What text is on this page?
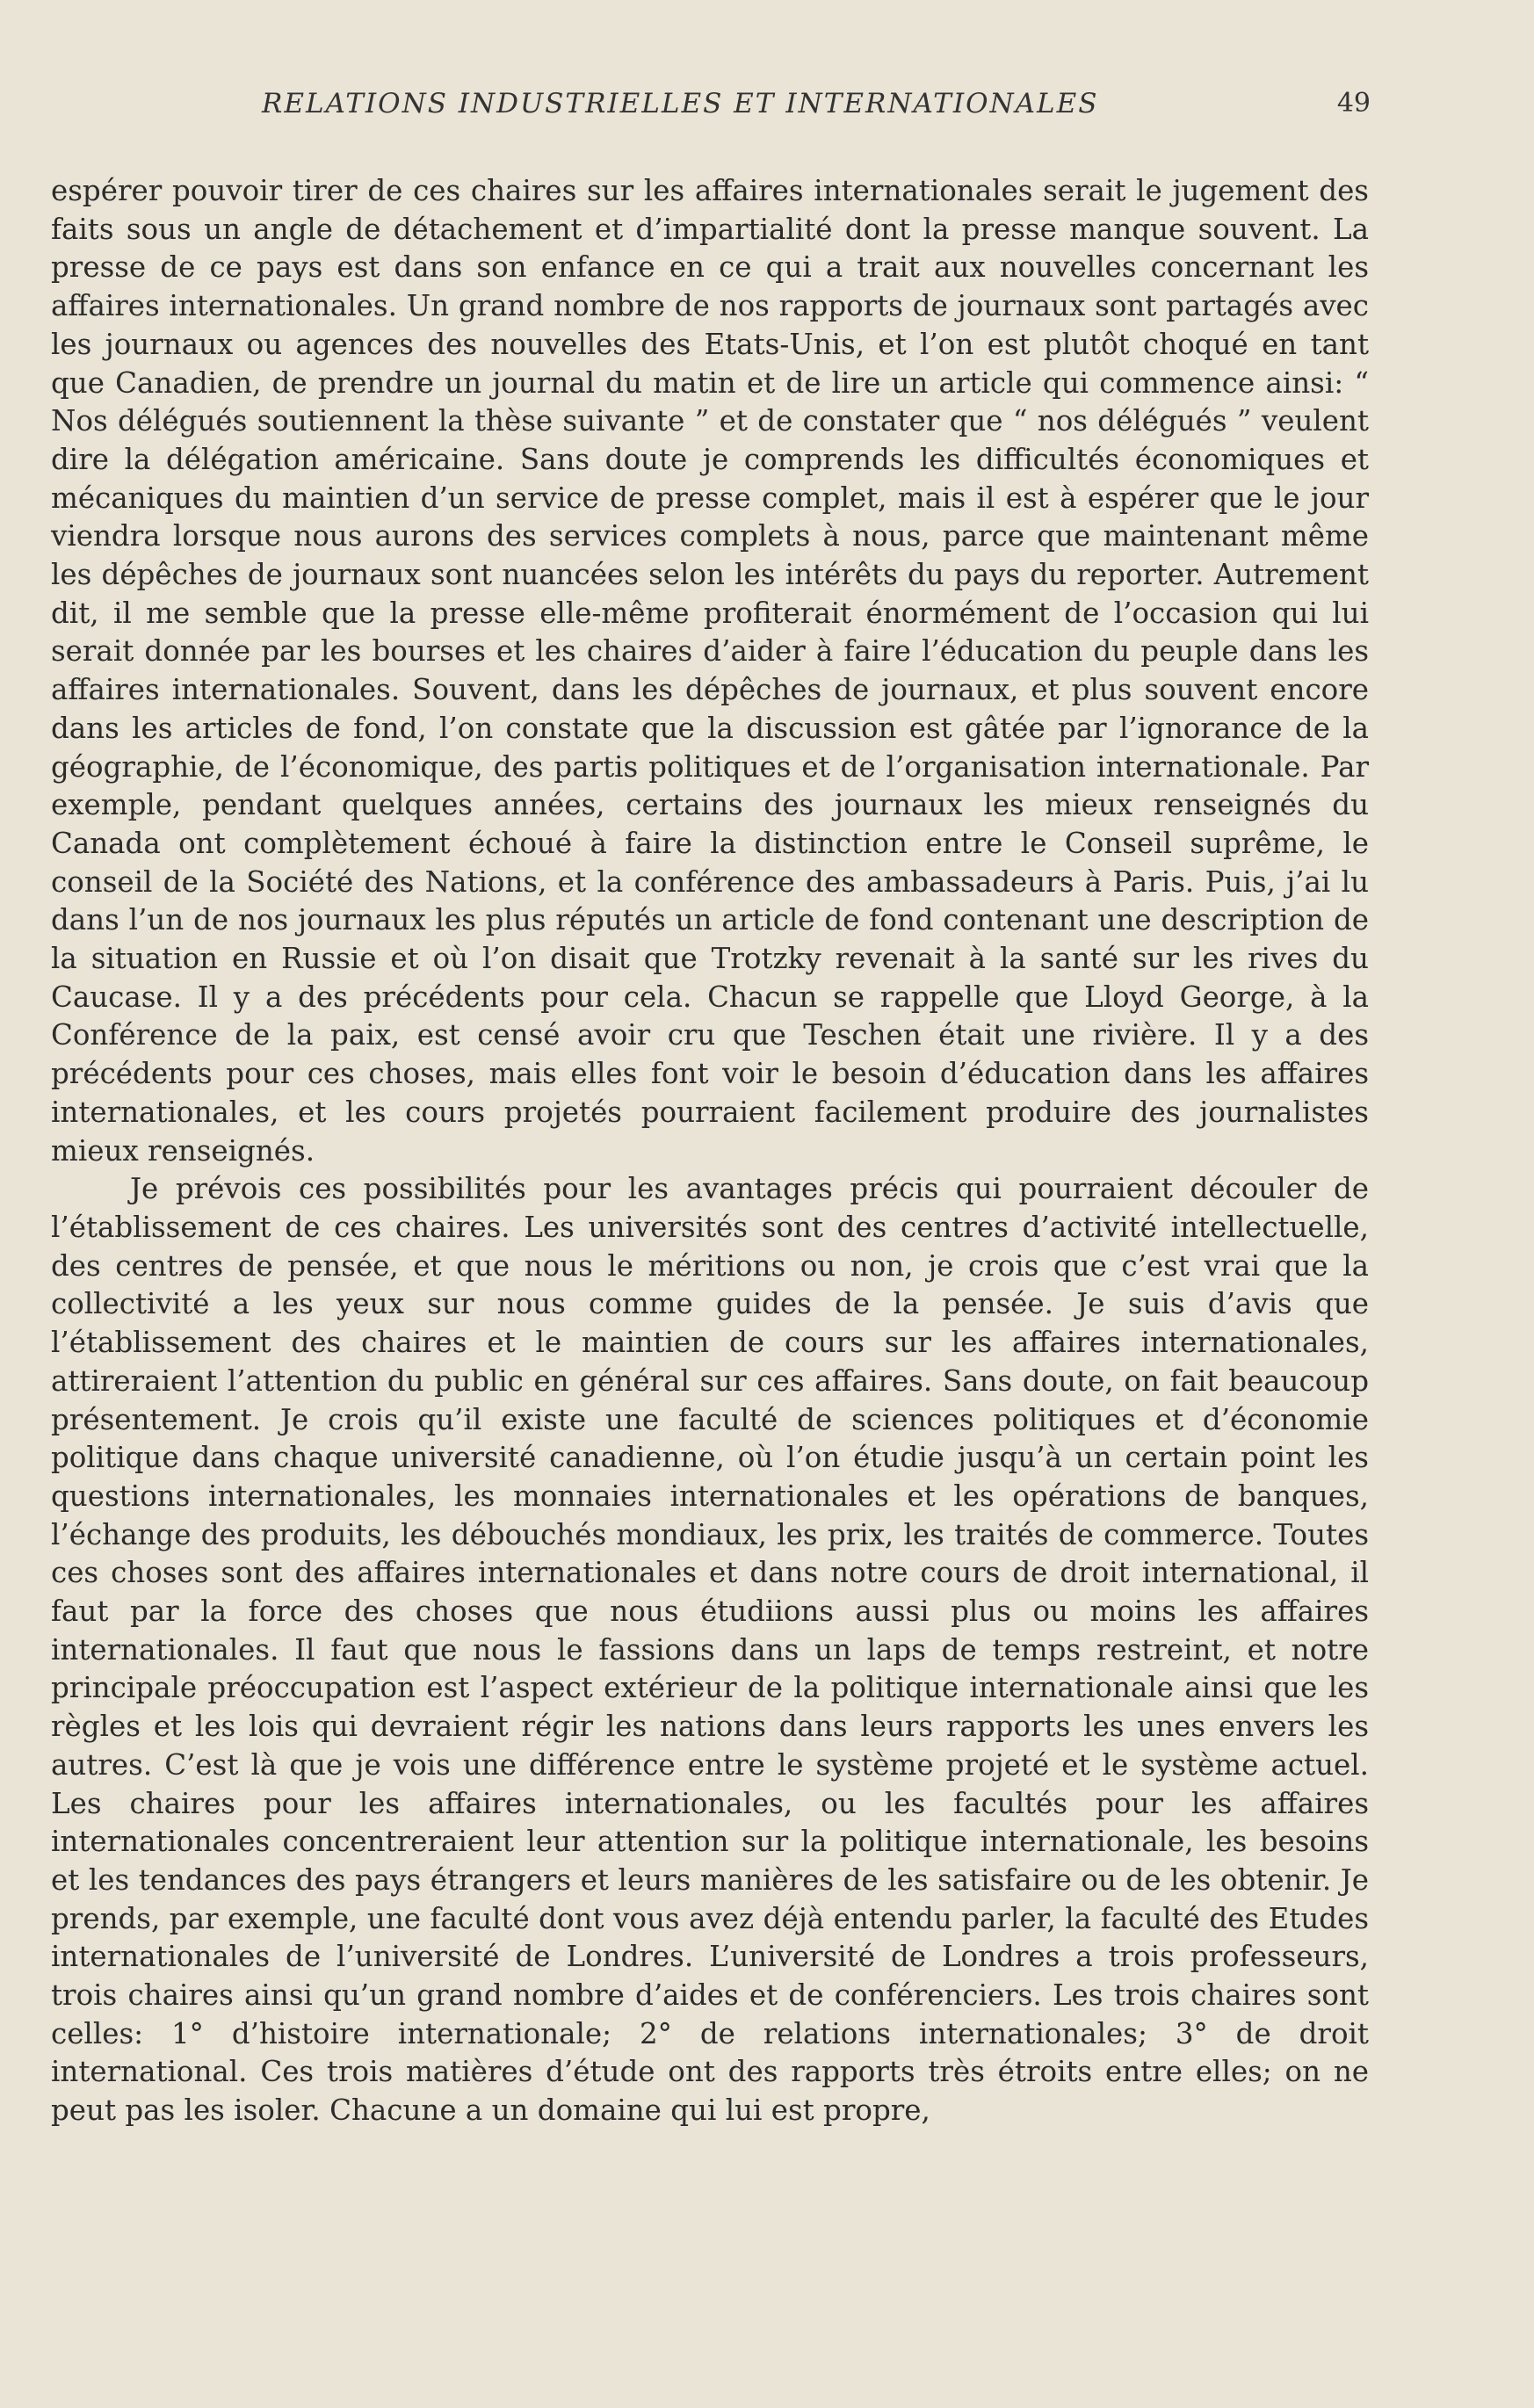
RELATIONS INDUSTRIELLES ET INTERNATIONALES	49

espérer pouvoir tirer de ces chaires sur les affaires internationales serait le jugement des faits sous un angle de détachement et d’impartialité dont la presse manque souvent. La presse de ce pays est dans son enfance en ce qui a trait aux nouvelles concernant les affaires internationales. Un grand nombre de nos rapports de journaux sont partagés avec les journaux ou agences des nouvelles des Etats-Unis, et l’on est plutôt choqué en tant que Canadien, de prendre un journal du matin et de lire un article qui commence ainsi: “ Nos délégués soutiennent la thèse suivante ” et de constater que “ nos délégués ” veulent dire la délégation américaine. Sans doute je comprends les difficultés économiques et mécaniques du maintien d’un service de presse complet, mais il est à espérer que le jour viendra lorsque nous aurons des services complets à nous, parce que maintenant même les dépêches de journaux sont nuancées selon les intérêts du pays du reporter. Autrement dit, il me semble que la presse elle-même profiterait énormément de l’occasion qui lui serait donnée par les bourses et les chaires d’aider à faire l’éducation du peuple dans les affaires internationales. Souvent, dans les dépêches de journaux, et plus souvent encore dans les articles de fond, l’on constate que la discussion est gâtée par l’ignorance de la géographie, de l’économique, des partis politiques et de l’organisation internationale. Par exemple, pendant quelques années, certains des journaux les mieux renseignés du Canada ont complètement échoué à faire la distinction entre le Conseil suprême, le conseil de la Société des Nations, et la conférence des ambassadeurs à Paris. Puis, j’ai lu dans l’un de nos journaux les plus réputés un article de fond contenant une description de la situation en Russie et où l’on disait que Trotzky revenait à la santé sur les rives du Caucase. Il y a des précédents pour cela. Chacun se rappelle que Lloyd George, à la Conférence de la paix, est censé avoir cru que Teschen était une rivière. Il y a des précédents pour ces choses, mais elles font voir le besoin d’éducation dans les affaires internationales, et les cours projetés pourraient facilement produire des journalistes mieux renseignés.

Je prévois ces possibilités pour les avantages précis qui pourraient découler de l’établissement de ces chaires. Les universités sont des centres d’activité intellectuelle, des centres de pensée, et que nous le méritions ou non, je crois que c’est vrai que la collectivité a les yeux sur nous comme guides de la pensée. Je suis d’avis que l’établissement des chaires et le maintien de cours sur les affaires internationales, attireraient l’attention du public en général sur ces affaires. Sans doute, on fait beaucoup présentement. Je crois qu’il existe une faculté de sciences politiques et d’économie politique dans chaque université canadienne, où l’on étudie jusqu’à un certain point les questions internationales, les monnaies internationales et les opérations de banques, l’échange des produits, les débouchés mondiaux, les prix, les traités de commerce. Toutes ces choses sont des affaires internationales et dans notre cours de droit international, il faut par la force des choses que nous étudiions aussi plus ou moins les affaires internationales. Il faut que nous le fassions dans un laps de temps restreint, et notre principale préoccupation est l’aspect extérieur de la politique internationale ainsi que les règles et les lois qui devraient régir les nations dans leurs rapports les unes envers les autres. C’est là que je vois une différence entre le système projeté et le système actuel. Les chaires pour les affaires internationales, ou les facultés pour les affaires internationales concentreraient leur attention sur la politique internationale, les besoins et les tendances des pays étrangers et leurs manières de les satisfaire ou de les obtenir. Je prends, par exemple, une faculté dont vous avez déjà entendu parler, la faculté des Etudes internationales de l’université de Londres. L’université de Londres a trois professeurs, trois chaires ainsi qu’un grand nombre d’aides et de conférenciers. Les trois chaires sont celles: 1° d’histoire internationale; 2° de relations internationales; 3° de droit international. Ces trois matières d’étude ont des rapports très étroits entre elles; on ne peut pas les isoler. Chacune a un domaine qui lui est propre,
